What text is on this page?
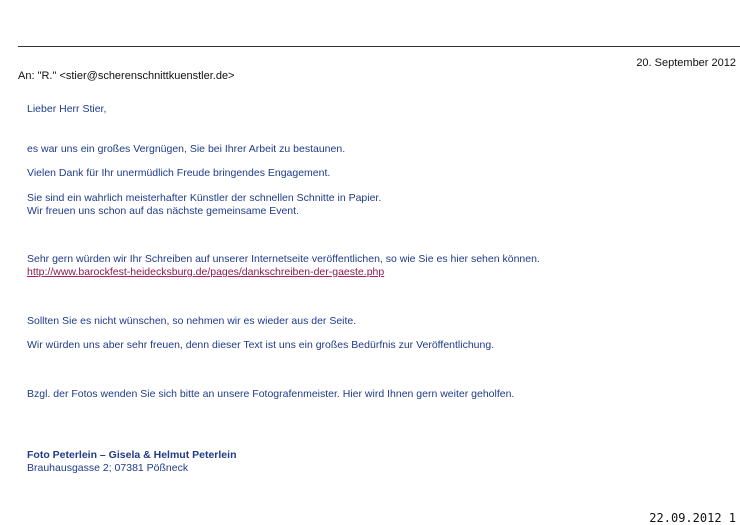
20. September 2012
An: "R." <stier@scherenschnittkuenstler.de>
Lieber Herr Stier,
es war uns ein großes Vergnügen, Sie bei Ihrer Arbeit zu bestaunen.
Vielen Dank für Ihr unermüdlich Freude bringendes Engagement.
Sie sind ein wahrlich meisterhafter Künstler der schnellen Schnitte in Papier.
Wir freuen uns schon auf das nächste gemeinsame Event.
Sehr gern würden wir Ihr Schreiben auf unserer Internetseite veröffentlichen, so wie Sie es hier sehen können.
http://www.barockfest-heidecksburg.de/pages/dankschreiben-der-gaeste.php
Sollten Sie es nicht wünschen, so nehmen wir es wieder aus der Seite.
Wir würden uns aber sehr freuen, denn dieser Text ist uns ein großes Bedürfnis zur Veröffentlichung.
Bzgl. der Fotos wenden Sie sich bitte an unsere Fotografenmeister. Hier wird Ihnen gern weiter geholfen.
Foto Peterlein – Gisela & Helmut Peterlein
Brauhausgasse 2; 07381 Pößneck
22.09.2012 1
